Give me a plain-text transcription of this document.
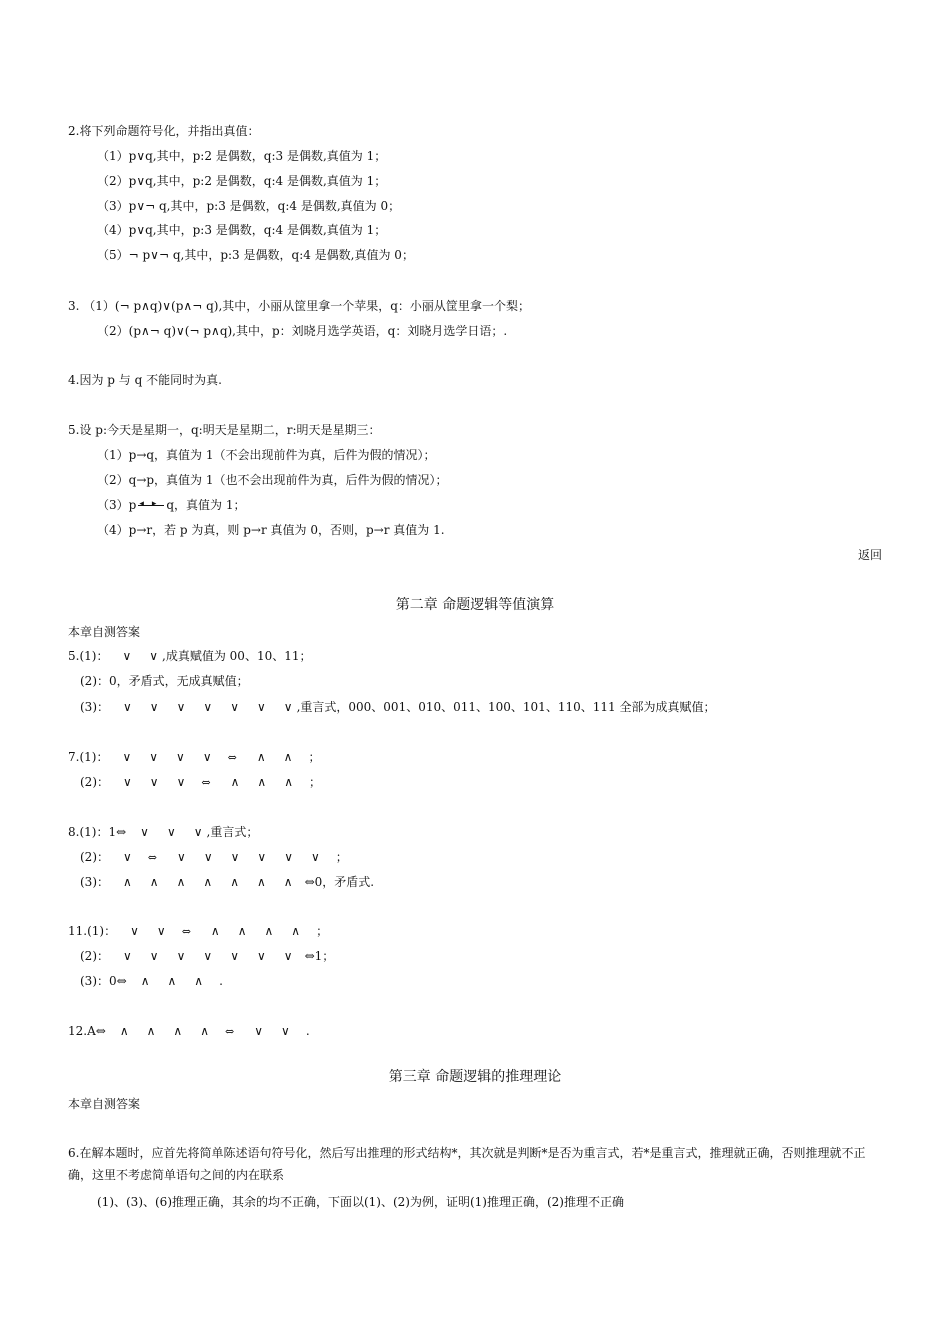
2.将下列命题符号化，并指出真值：
（1）p∨q,其中，p:2 是偶数，q:3 是偶数,真值为 1；
（2）p∨q,其中，p:2 是偶数，q:4 是偶数,真值为 1；
（3）p∨¬ q,其中，p:3 是偶数，q:4 是偶数,真值为 0；
（4）p∨q,其中，p:3 是偶数，q:4 是偶数,真值为 1；
（5）¬ p∨¬ q,其中，p:3 是偶数，q:4 是偶数,真值为 0；
3. （1）(¬ p∧q)∨(p∧¬ q),其中，小丽从筐里拿一个苹果，q：小丽从筐里拿一个梨；
（2）(p∧¬ q)∨(¬ p∧q),其中，p：刘晓月选学英语，q：刘晓月选学日语；.
4.因为 p 与 q 不能同时为真.
5.设 p:今天是星期一，q:明天是星期二，r:明天是星期三：
（1）p→q，真值为 1（不会出现前件为真，后件为假的情况）；
（2）q→p，真值为 1（也不会出现前件为真，后件为假的情况）；
（3）p◂▸	q，真值为 1；
（4）p→r，若 p 为真，则 p→r 真值为 0，否则，p→r 真值为 1.
返回
第二章 命题逻辑等值演算
本章自测答案
5.(1)： ∨ ∨ ,成真赋值为 00、10、11；
(2)：0，矛盾式，无成真赋值；
(3)： ∨ ∨ ∨ ∨ ∨ ∨ ∨ ,重言式，000、001、010、011、100、101、110、111 全部为成真赋值；
7.(1)： ∨ ∨ ∨ ∨ ⇔ ∧ ∧ ；
(2)： ∨ ∨ ∨ ⇔ ∧ ∧ ∧ ；
8.(1)：1⇔ ∨ ∨ ∨ ,重言式；
(2)： ∨ ⇔ ∨ ∨ ∨ ∨ ∨ ∨ ；
(3)： ∧ ∧ ∧ ∧ ∧ ∧ ∧ ⇔0，矛盾式.
11.(1)： ∨ ∨ ⇔ ∧ ∧ ∧ ∧ ；
(2)： ∨ ∨ ∨ ∨ ∨ ∨ ∨ ⇔1；
(3)：0⇔ ∧ ∧ ∧ .
12.A⇔ ∧ ∧ ∧ ∧ ⇔ ∨ ∨ .
第三章 命题逻辑的推理理论
本章自测答案
6.在解本题时，应首先将简单陈述语句符号化，然后写出推理的形式结构*，其次就是判断*是否为重言式，若*是重言式，推理就正确，否则推理就不正确，这里不考虑简单语句之间的内在联系
(1)、(3)、(6)推理正确，其余的均不正确，下面以(1)、(2)为例，证明(1)推理正确，(2)推理不正确
